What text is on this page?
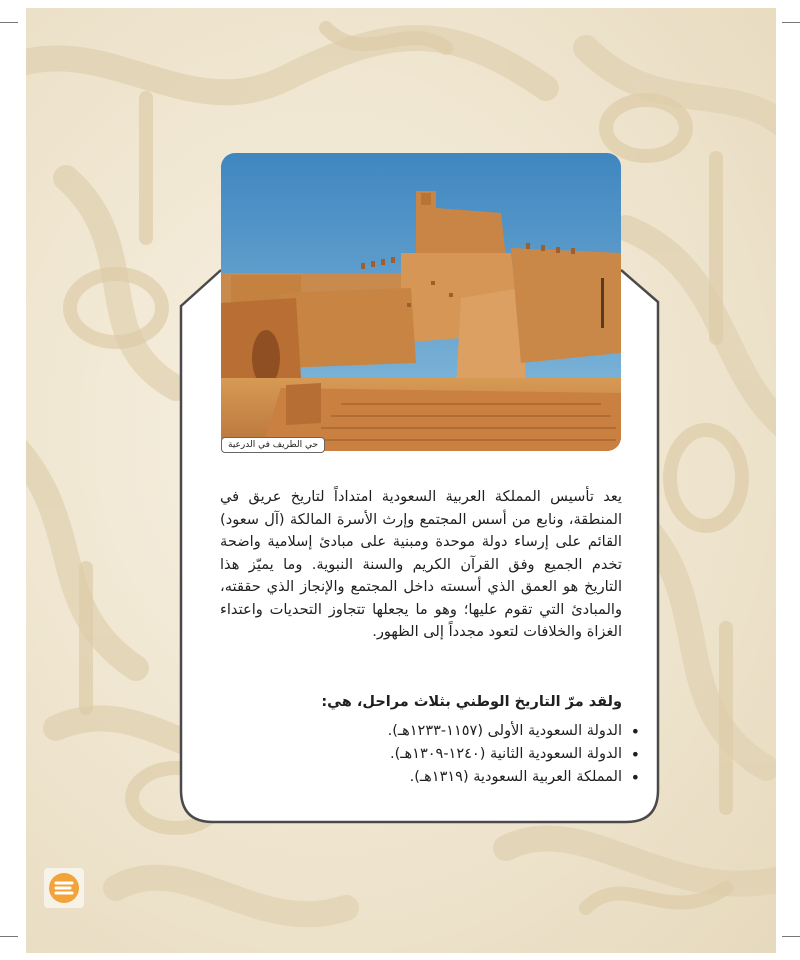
حي الطريف في الدرعية
يعد تأسيس المملكة العربية السعودية امتداداً لتاريخ عريق في المنطقة، ونابع من أسس المجتمع وإرث الأسرة المالكة (آل سعود) القائم على إرساء دولة موحدة ومبنية على مبادئ إسلامية واضحة تخدم الجميع وفق القرآن الكريم والسنة النبوية. وما يميّز هذا التاريخ هو العمق الذي أسسته داخل المجتمع والإنجاز الذي حققته، والمبادئ التي تقوم عليها؛ وهو ما يجعلها تتجاوز التحديات واعتداء الغزاة والخلافات لتعود مجدداً إلى الظهور.
ولقد مرّ التاريخ الوطني بثلاث مراحل، هي:
• الدولة السعودية الأولى (١١٥٧-١٢٣٣هـ).
• الدولة السعودية الثانية (١٢٤٠-١٣٠٩هـ).
• المملكة العربية السعودية (١٣١٩هـ).
